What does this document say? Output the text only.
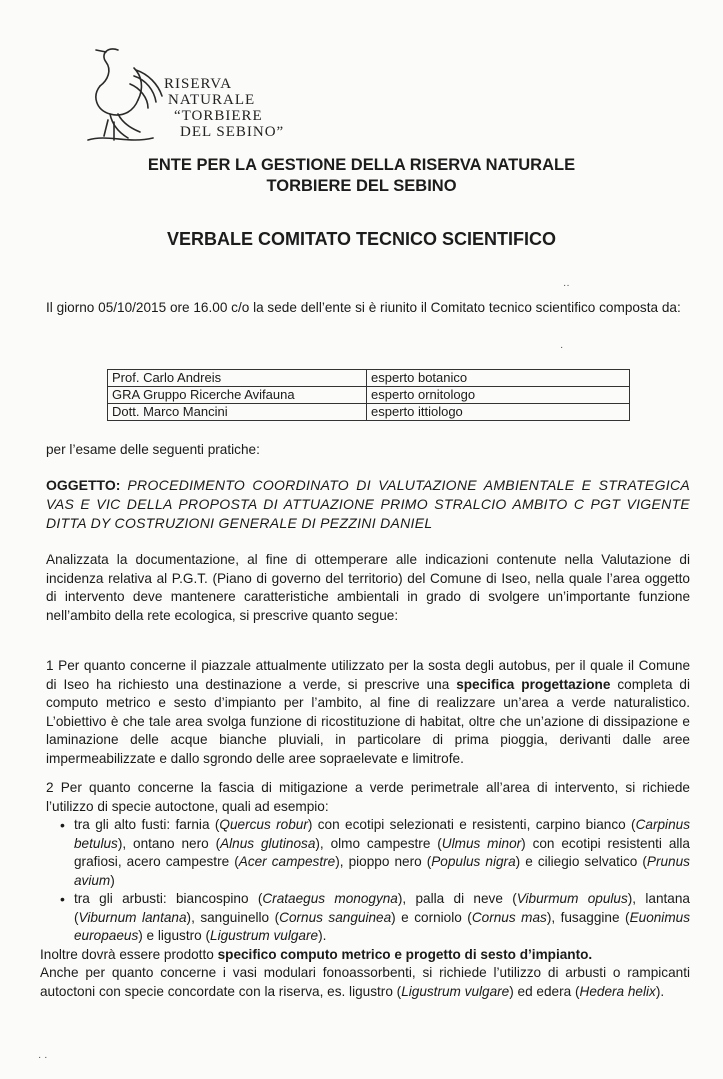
RISERVA
NATURALE
“TORBIERE
DEL SEBINO”
ENTE PER LA GESTIONE DELLA RISERVA NATURALE
TORBIERE DEL SEBINO
VERBALE COMITATO TECNICO SCIENTIFICO
Il giorno 05/10/2015 ore 16.00 c/o la sede dell’ente si è riunito il Comitato tecnico scientifico composta da:
Prof. Carlo Andreis	esperto botanico
GRA Gruppo Ricerche Avifauna	esperto ornitologo
Dott. Marco Mancini	esperto ittiologo
per l’esame delle seguenti pratiche:
OGGETTO: PROCEDIMENTO COORDINATO DI VALUTAZIONE AMBIENTALE E STRATEGICA VAS E VIC DELLA PROPOSTA DI ATTUAZIONE PRIMO STRALCIO AMBITO C PGT VIGENTE DITTA DY COSTRUZIONI GENERALE DI PEZZINI DANIEL
Analizzata la documentazione, al fine di ottemperare alle indicazioni contenute nella Valutazione di incidenza relativa al P.G.T. (Piano di governo del territorio) del Comune di Iseo, nella quale l’area oggetto di intervento deve mantenere caratteristiche ambientali in grado di svolgere un’importante funzione nell’ambito della rete ecologica, si prescrive quanto segue:
1 Per quanto concerne il piazzale attualmente utilizzato per la sosta degli autobus, per il quale il Comune di Iseo ha richiesto una destinazione a verde, si prescrive una specifica progettazione completa di computo metrico e sesto d’impianto per l’ambito, al fine di realizzare un’area a verde naturalistico. L’obiettivo è che tale area svolga funzione di ricostituzione di habitat, oltre che un’azione di dissipazione e laminazione delle acque bianche pluviali, in particolare di prima pioggia, derivanti dalle aree impermeabilizzate e dallo sgrondo delle aree sopraelevate e limitrofe.
2 Per quanto concerne la fascia di mitigazione a verde perimetrale all’area di intervento, si richiede l’utilizzo di specie autoctone, quali ad esempio:
• tra gli alto fusti: farnia (Quercus robur) con ecotipi selezionati e resistenti, carpino bianco (Carpinus betulus), ontano nero (Alnus glutinosa), olmo campestre (Ulmus minor) con ecotipi resistenti alla grafiosi, acero campestre (Acer campestre), pioppo nero (Populus nigra) e ciliegio selvatico (Prunus avium)
• tra gli arbusti: biancospino (Crataegus monogyna), palla di neve (Viburmum opulus), lantana (Viburnum lantana), sanguinello (Cornus sanguinea) e corniolo (Cornus mas), fusaggine (Euonimus europaeus) e ligustro (Ligustrum vulgare).
Inoltre dovrà essere prodotto specifico computo metrico e progetto di sesto d’impianto.
Anche per quanto concerne i vasi modulari fonoassorbenti, si richiede l’utilizzo di arbusti o rampicanti autoctoni con specie concordate con la riserva, es. ligustro (Ligustrum vulgare) ed edera (Hedera helix).
··
·
· ·
